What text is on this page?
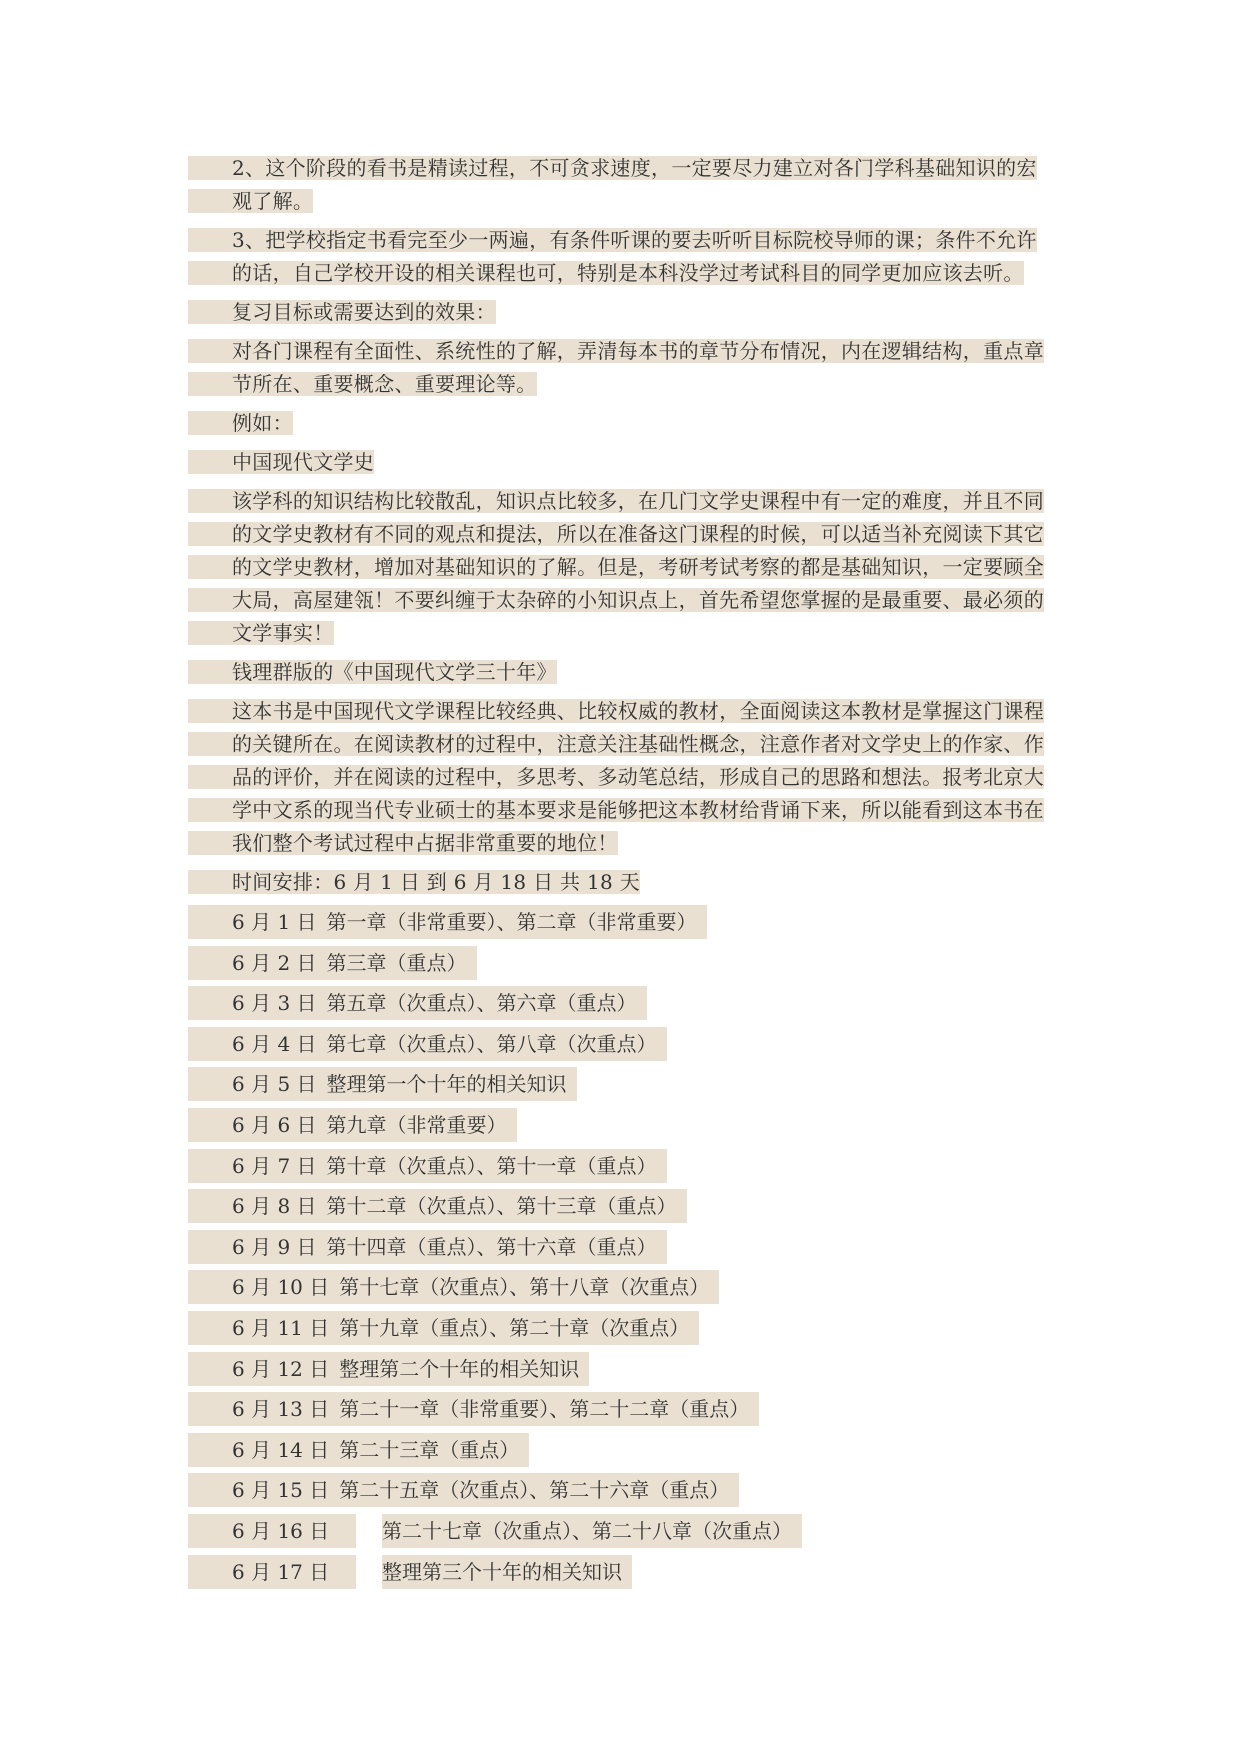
2、这个阶段的看书是精读过程，不可贪求速度，一定要尽力建立对各门学科基础知识的宏观了解。

3、把学校指定书看完至少一两遍，有条件听课的要去听听目标院校导师的课；条件不允许的话，自己学校开设的相关课程也可，特别是本科没学过考试科目的同学更加应该去听。

复习目标或需要达到的效果：

对各门课程有全面性、系统性的了解，弄清每本书的章节分布情况，内在逻辑结构，重点章节所在、重要概念、重要理论等。

例如：

中国现代文学史

该学科的知识结构比较散乱，知识点比较多，在几门文学史课程中有一定的难度，并且不同的文学史教材有不同的观点和提法，所以在准备这门课程的时候，可以适当补充阅读下其它的文学史教材，增加对基础知识的了解。但是，考研考试考察的都是基础知识，一定要顾全大局，高屋建瓴！不要纠缠于太杂碎的小知识点上，首先希望您掌握的是最重要、最必须的文学事实！

钱理群版的《中国现代文学三十年》

这本书是中国现代文学课程比较经典、比较权威的教材，全面阅读这本教材是掌握这门课程的关键所在。在阅读教材的过程中，注意关注基础性概念，注意作者对文学史上的作家、作品的评价，并在阅读的过程中，多思考、多动笔总结，形成自己的思路和想法。报考北京大学中文系的现当代专业硕士的基本要求是能够把这本教材给背诵下来，所以能看到这本书在我们整个考试过程中占据非常重要的地位！

时间安排：6 月 1 日 到 6 月 18 日 共 18 天

6 月 1 日 第一章（非常重要）、第二章（非常重要）
6 月 2 日 第三章（重点）
6 月 3 日 第五章（次重点）、第六章（重点）
6 月 4 日 第七章（次重点）、第八章（次重点）
6 月 5 日 整理第一个十年的相关知识
6 月 6 日 第九章（非常重要）
6 月 7 日 第十章（次重点）、第十一章（重点）
6 月 8 日 第十二章（次重点）、第十三章（重点）
6 月 9 日 第十四章（重点）、第十六章（重点）
6 月 10 日 第十七章（次重点）、第十八章（次重点）
6 月 11 日 第十九章（重点）、第二十章（次重点）
6 月 12 日 整理第二个十年的相关知识
6 月 13 日 第二十一章（非常重要）、第二十二章（重点）
6 月 14 日 第二十三章（重点）
6 月 15 日 第二十五章（次重点）、第二十六章（重点）
6 月 16 日	第二十七章（次重点）、第二十八章（次重点）
6 月 17 日	整理第三个十年的相关知识
